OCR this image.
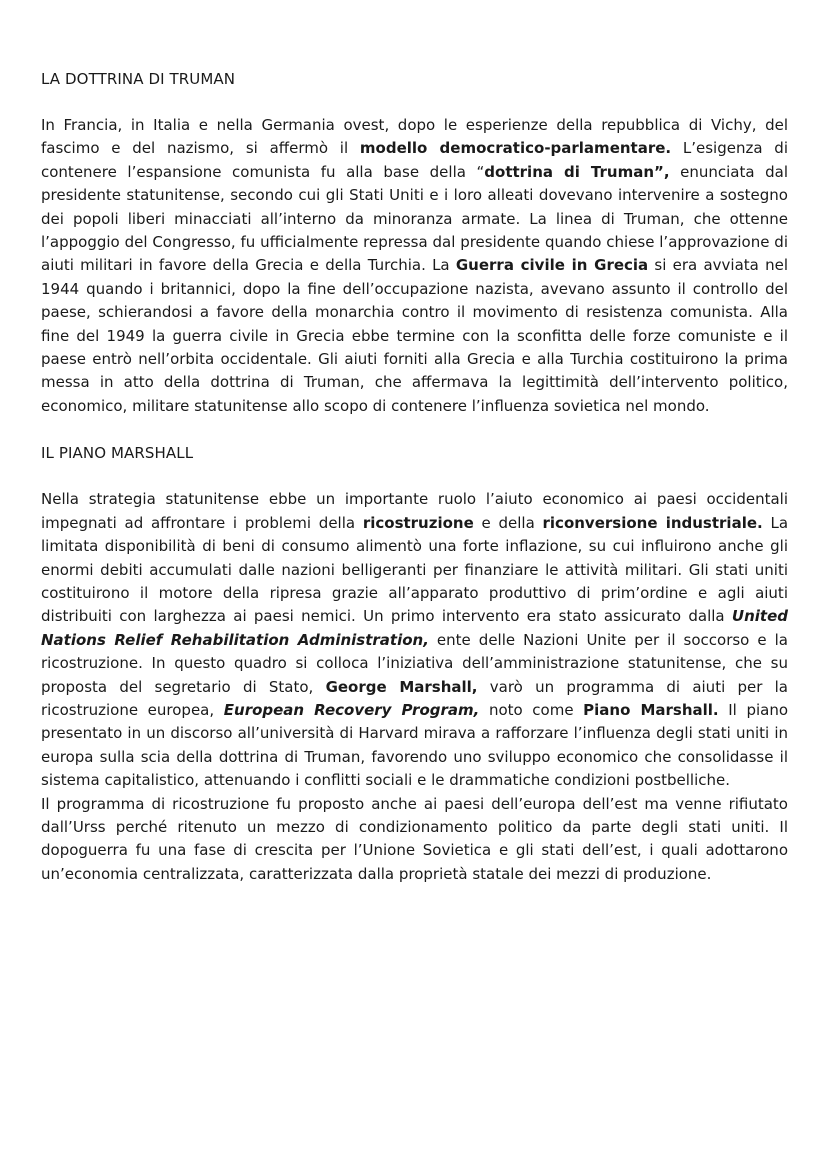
LA DOTTRINA DI TRUMAN

In Francia, in Italia e nella Germania ovest, dopo le esperienze della repubblica di Vichy, del fascimo e del nazismo, si affermò il modello democratico-parlamentare. L’esigenza di contenere l’espansione comunista fu alla base della “dottrina di Truman”, enunciata dal presidente statunitense, secondo cui gli Stati Uniti e i loro alleati dovevano intervenire a sostegno dei popoli liberi minacciati all’interno da minoranza armate. La linea di Truman, che ottenne l’appoggio del Congresso, fu ufficialmente repressa dal presidente quando chiese l’approvazione di aiuti militari in favore della Grecia e della Turchia. La Guerra civile in Grecia si era avviata nel 1944 quando i britannici, dopo la fine dell’occupazione nazista, avevano assunto il controllo del paese, schierandosi a favore della monarchia contro il movimento di resistenza comunista. Alla fine del 1949 la guerra civile in Grecia ebbe termine con la sconfitta delle forze comuniste e il paese entrò nell’orbita occidentale. Gli aiuti forniti alla Grecia e alla Turchia costituirono la prima messa in atto della dottrina di Truman, che affermava la legittimità dell’intervento politico, economico, militare statunitense allo scopo di contenere l’influenza sovietica nel mondo.

IL PIANO MARSHALL

Nella strategia statunitense ebbe un importante ruolo l’aiuto economico ai paesi occidentali impegnati ad affrontare i problemi della ricostruzione e della riconversione industriale. La limitata disponibilità di beni di consumo alimentò una forte inflazione, su cui influirono anche gli enormi debiti accumulati dalle nazioni belligeranti per finanziare le attività militari. Gli stati uniti costituirono il motore della ripresa grazie all’apparato produttivo di prim’ordine e agli aiuti distribuiti con larghezza ai paesi nemici. Un primo intervento era stato assicurato dalla United Nations Relief Rehabilitation Administration, ente delle Nazioni Unite per il soccorso e la ricostruzione. In questo quadro si colloca l’iniziativa dell’amministrazione statunitense, che su proposta del segretario di Stato, George Marshall, varò un programma di aiuti per la ricostruzione europea, European Recovery Program, noto come Piano Marshall. Il piano presentato in un discorso all’università di Harvard mirava a rafforzare l’influenza degli stati uniti in europa sulla scia della dottrina di Truman, favorendo uno sviluppo economico che consolidasse il sistema capitalistico, attenuando i conflitti sociali e le drammatiche condizioni postbelliche.

Il programma di ricostruzione fu proposto anche ai paesi dell’europa dell’est ma venne rifiutato dall’Urss perché ritenuto un mezzo di condizionamento politico da parte degli stati uniti. Il dopoguerra fu una fase di crescita per l’Unione Sovietica e gli stati dell’est, i quali adottarono un’economia centralizzata, caratterizzata dalla proprietà statale dei mezzi di produzione.
